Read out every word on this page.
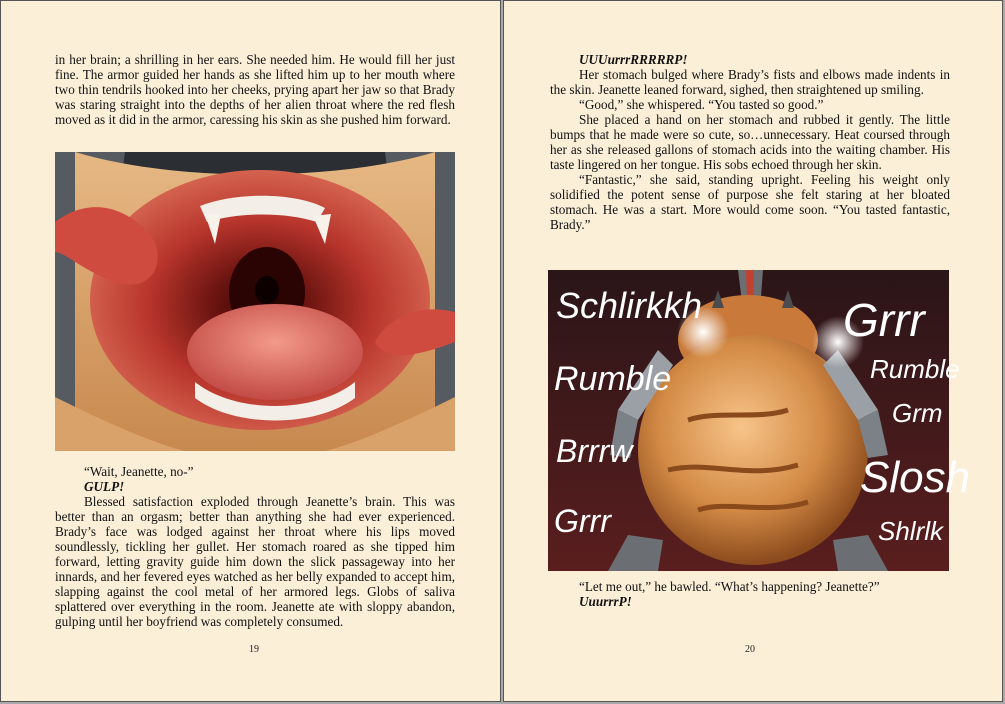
in her brain; a shrilling in her ears. She needed him. He would fill her just fine. The armor guided her hands as she lifted him up to her mouth where two thin tendrils hooked into her cheeks, prying apart her jaw so that Brady was staring straight into the depths of her alien throat where the red flesh moved as it did in the armor, caressing his skin as she pushed him forward.

“Wait, Jeanette, no-”

GULP!

Blessed satisfaction exploded through Jeanette’s brain. This was better than an orgasm; better than anything she had ever experienced. Brady’s face was lodged against her throat where his lips moved soundlessly, tickling her gullet. Her stomach roared as she tipped him forward, letting gravity guide him down the slick passageway into her innards, and her fevered eyes watched as her belly expanded to accept him, slapping against the cool metal of her armored legs. Globs of saliva splattered over everything in the room. Jeanette ate with sloppy abandon, gulping until her boyfriend was completely consumed.

19

UUUurrrRRRRRP!

Her stomach bulged where Brady’s fists and elbows made indents in the skin. Jeanette leaned forward, sighed, then straightened up smiling.

“Good,” she whispered. “You tasted so good.”

She placed a hand on her stomach and rubbed it gently. The little bumps that he made were so cute, so…unnecessary. Heat coursed through her as she released gallons of stomach acids into the waiting chamber. His taste lingered on her tongue. His sobs echoed through her skin.

“Fantastic,” she said, standing upright. Feeling his weight only solidified the potent sense of purpose she felt staring at her bloated stomach. He was a start. More would come soon. “You tasted fantastic, Brady.”

Schlirkkh	Grrr
Rumble	Rumble
Grm
Brrrw
Slosh
Shlrlk
Grrr

“Let me out,” he bawled. “What’s happening? Jeanette?”

UuurrrP!

20
